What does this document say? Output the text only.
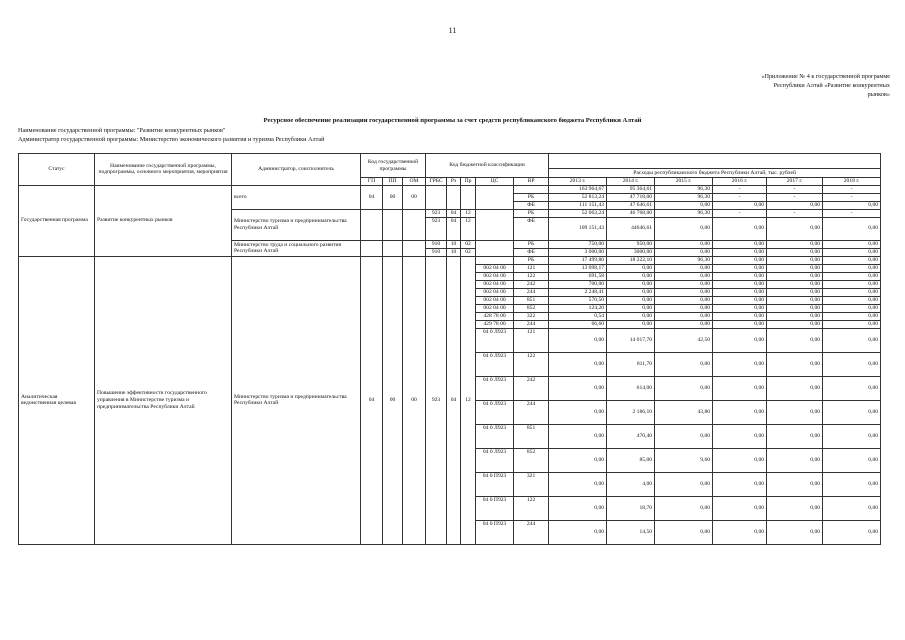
11
«Приложение № 4 к государственной программе
Республики Алтай «Развитие конкурентных
рынков»
Ресурсное обеспечение реализации государственной программы за счет средств республиканского бюджета Республики Алтай
Наименование государственной программы: "Развитие конкурентных рынков"
Администратор государственной программы: Министерство экономического развития и туризма Республики Алтай
Статус	Наименование государственной программы, подпрограммы, основного мероприятия, мероприятия	Администратор, соисполнитель	Код государственной программы			Код бюджетной классификации											
											Расходы республиканского бюджета Республики Алтай, тыс. рублей						
			ГП	ПП	ОМ	ГРБС	Рз	Пр	ЦС	ВР	2013 г.	2014 г.	2015 г.	2016 г.	2017 г.	2018 г.	
Государственная программа	Развитие конкурентных рынков	всего	04	00	00						163 964,67	95 364,61	96,30	-	-	-	
										РБ	52 813,24	47 718,00	96,30	-	-	-	
										ФБ	111 151,43	47 646,61	0,00	0,00	0,00	0,00	
		Министерство туризма и предпринимательства Республики Алтай				923	04	12		РБ	52 063,24	46 768,00	96,30	-	-	-	
						923	04	12		ФБ	109 151,43	44646,61	0,00	0,00	0,00	0,00	
		Министерство труда и социального развития Республики Алтай				910	10	02		РБ	750,00	950,00	0,00	0,00	0,00	0,00	
						910	10	02		ФБ	3 000,00	3000,00	0,00	0,00	0,00	0,00	
Аналитическая ведомственная целевая	Повышение эффективности государственного управления в Министерстве туризма и предпринимательства Республики Алтай	Министерство туризма и предпринимательства Республики Алтай	04	00	00	923	04	12		РБ	17 499,80	18 222,10	96,30	0,00	0,00	0,00	
									002 04 00	121	13 098,17	0,00	0,00	0,00	0,00	0,00	
									002 04 00	122	691,58	0,00	0,00	0,00	0,00	0,00	
									002 04 00	242	700,00	0,00	0,00	0,00	0,00	0,00	
									002 04 00	244	2 248,41	0,00	0,00	0,00	0,00	0,00	
									002 04 00	851	570,50	0,00	0,00	0,00	0,00	0,00	
									002 04 00	852	124,20	0,00	0,00	0,00	0,00	0,00	
									428 78 00	322	0,54	0,00	0,00	0,00	0,00	0,00	
									429 78 00	244	66,60	0,00	0,00	0,00	0,00	0,00	
									04 0 Л923	121	0,00	14 017,70	42,50	0,00	0,00	0,00	
									04 0 Л923	122	0,00	811,70	0,00	0,00	0,00	0,00	
									04 0 Л923	242	0,00	614,00	0,00	0,00	0,00	0,00	
									04 0 Л923	244	0,00	2 186,10	43,80	0,00	0,00	0,00	
									04 0 Л923	851	0,00	470,40	0,00	0,00	0,00	0,00	
									04 0 Л923	852	0,00	85,00	9,60	0,00	0,00	0,00	
									04 0 П923	321	0,00	4,00	0,00	0,00	0,00	0,00	
									04 0 П923	122	0,00	18,70	0,00	0,00	0,00	0,00	
									04 0 П923	244	0,00	14,50	0,00	0,00	0,00	0,00	
